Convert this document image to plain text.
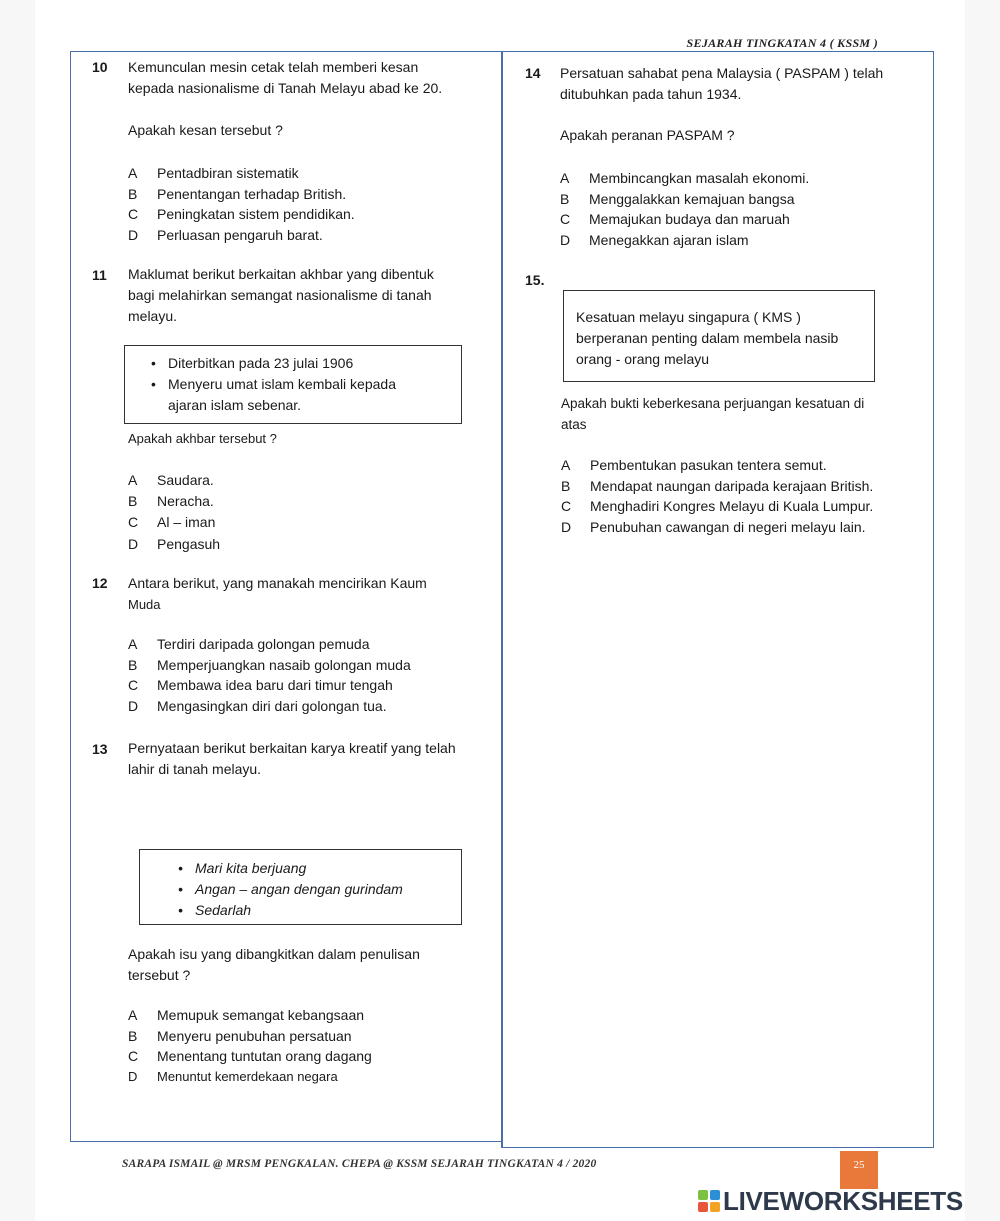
SEJARAH TINGKATAN 4 ( KSSM )
10 Kemunculan mesin cetak telah memberi kesan
kepada nasionalisme di Tanah Melayu abad ke 20.
Apakah kesan tersebut ?
A	Pentadbiran sistematik
B	Penentangan terhadap British.
C	Peningkatan sistem pendidikan.
D	Perluasan pengaruh barat.
11 Maklumat berikut berkaitan akhbar yang dibentuk
bagi melahirkan semangat nasionalisme di tanah
melayu.
• Diterbitkan pada 23 julai 1906
• Menyeru umat islam kembali kepada
ajaran islam sebenar.
Apakah akhbar tersebut ?
A	Saudara.
B	Neracha.
C	Al – iman
D	Pengasuh
12 Antara berikut, yang manakah mencirikan Kaum
Muda
A	Terdiri daripada golongan pemuda
B	Memperjuangkan nasaib golongan muda
C	Membawa idea baru dari timur tengah
D	Mengasingkan diri dari golongan tua.
13 Pernyataan berikut berkaitan karya kreatif yang telah
lahir di tanah melayu.
• Mari kita berjuang
• Angan – angan dengan gurindam
• Sedarlah
Apakah isu yang dibangkitkan dalam penulisan
tersebut ?
A	Memupuk semangat kebangsaan
B	Menyeru penubuhan persatuan
C	Menentang tuntutan orang dagang
D	Menuntut kemerdekaan negara
14 Persatuan sahabat pena Malaysia ( PASPAM ) telah
ditubuhkan pada tahun 1934.
Apakah peranan PASPAM ?
A	Membincangkan masalah ekonomi.
B	Menggalakkan kemajuan bangsa
C	Memajukan budaya dan maruah
D	Menegakkan ajaran islam
15.
Kesatuan melayu singapura ( KMS )
berperanan penting dalam membela nasib
orang - orang melayu
Apakah bukti keberkesana perjuangan kesatuan di
atas
A	Pembentukan pasukan tentera semut.
B	Mendapat naungan daripada kerajaan British.
C	Menghadiri Kongres Melayu di Kuala Lumpur.
D	Penubuhan cawangan di negeri melayu lain.
SARAPA ISMAIL @ MRSM PENGKALAN. CHEPA @ KSSM SEJARAH TINGKATAN 4 / 2020	25
LIVEWORKSHEETS
